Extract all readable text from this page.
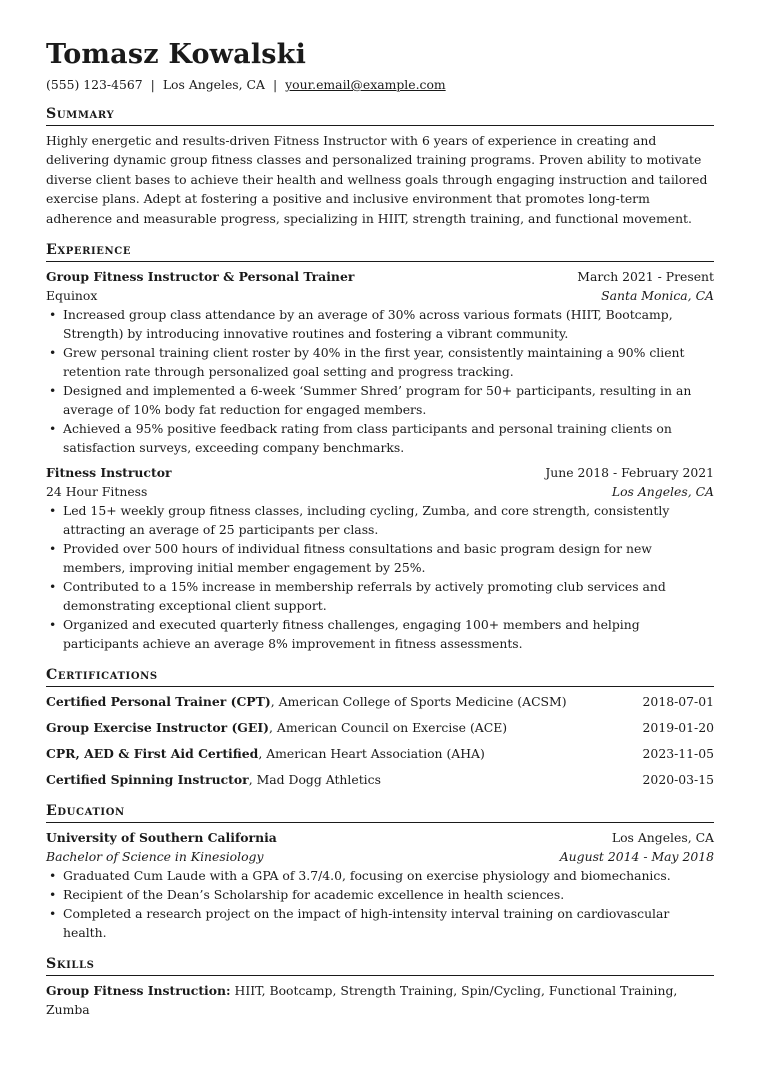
Tomasz Kowalski
(555) 123-4567 | Los Angeles, CA | your.email@example.com
Summary

Highly energetic and results-driven Fitness Instructor with 6 years of experience in creating and delivering dynamic group fitness classes and personalized training programs. Proven ability to motivate diverse client bases to achieve their health and wellness goals through engaging instruction and tailored exercise plans. Adept at fostering a positive and inclusive environment that promotes long-term adherence and measurable progress, specializing in HIIT, strength training, and functional movement.

Experience
Group Fitness Instructor & Personal Trainer	March 2021 - Present
Equinox	Santa Monica, CA
• Increased group class attendance by an average of 30% across various formats (HIIT, Bootcamp, Strength) by introducing innovative routines and fostering a vibrant community.
• Grew personal training client roster by 40% in the first year, consistently maintaining a 90% client retention rate through personalized goal setting and progress tracking.
• Designed and implemented a 6-week ‘Summer Shred’ program for 50+ participants, resulting in an average of 10% body fat reduction for engaged members.
• Achieved a 95% positive feedback rating from class participants and personal training clients on satisfaction surveys, exceeding company benchmarks.
Fitness Instructor	June 2018 - February 2021
24 Hour Fitness	Los Angeles, CA
• Led 15+ weekly group fitness classes, including cycling, Zumba, and core strength, consistently attracting an average of 25 participants per class.
• Provided over 500 hours of individual fitness consultations and basic program design for new members, improving initial member engagement by 25%.
• Contributed to a 15% increase in membership referrals by actively promoting club services and demonstrating exceptional client support.
• Organized and executed quarterly fitness challenges, engaging 100+ members and helping participants achieve an average 8% improvement in fitness assessments.
Certifications
Certified Personal Trainer (CPT), American College of Sports Medicine (ACSM)	2018-07-01
Group Exercise Instructor (GEI), American Council on Exercise (ACE)	2019-01-20
CPR, AED & First Aid Certified, American Heart Association (AHA)	2023-11-05
Certified Spinning Instructor, Mad Dogg Athletics	2020-03-15
Education
University of Southern California	Los Angeles, CA
Bachelor of Science in Kinesiology	August 2014 - May 2018
• Graduated Cum Laude with a GPA of 3.7/4.0, focusing on exercise physiology and biomechanics.
• Recipient of the Dean’s Scholarship for academic excellence in health sciences.
• Completed a research project on the impact of high-intensity interval training on cardiovascular health.
Skills
Group Fitness Instruction: HIIT, Bootcamp, Strength Training, Spin/Cycling, Functional Training, Zumba
